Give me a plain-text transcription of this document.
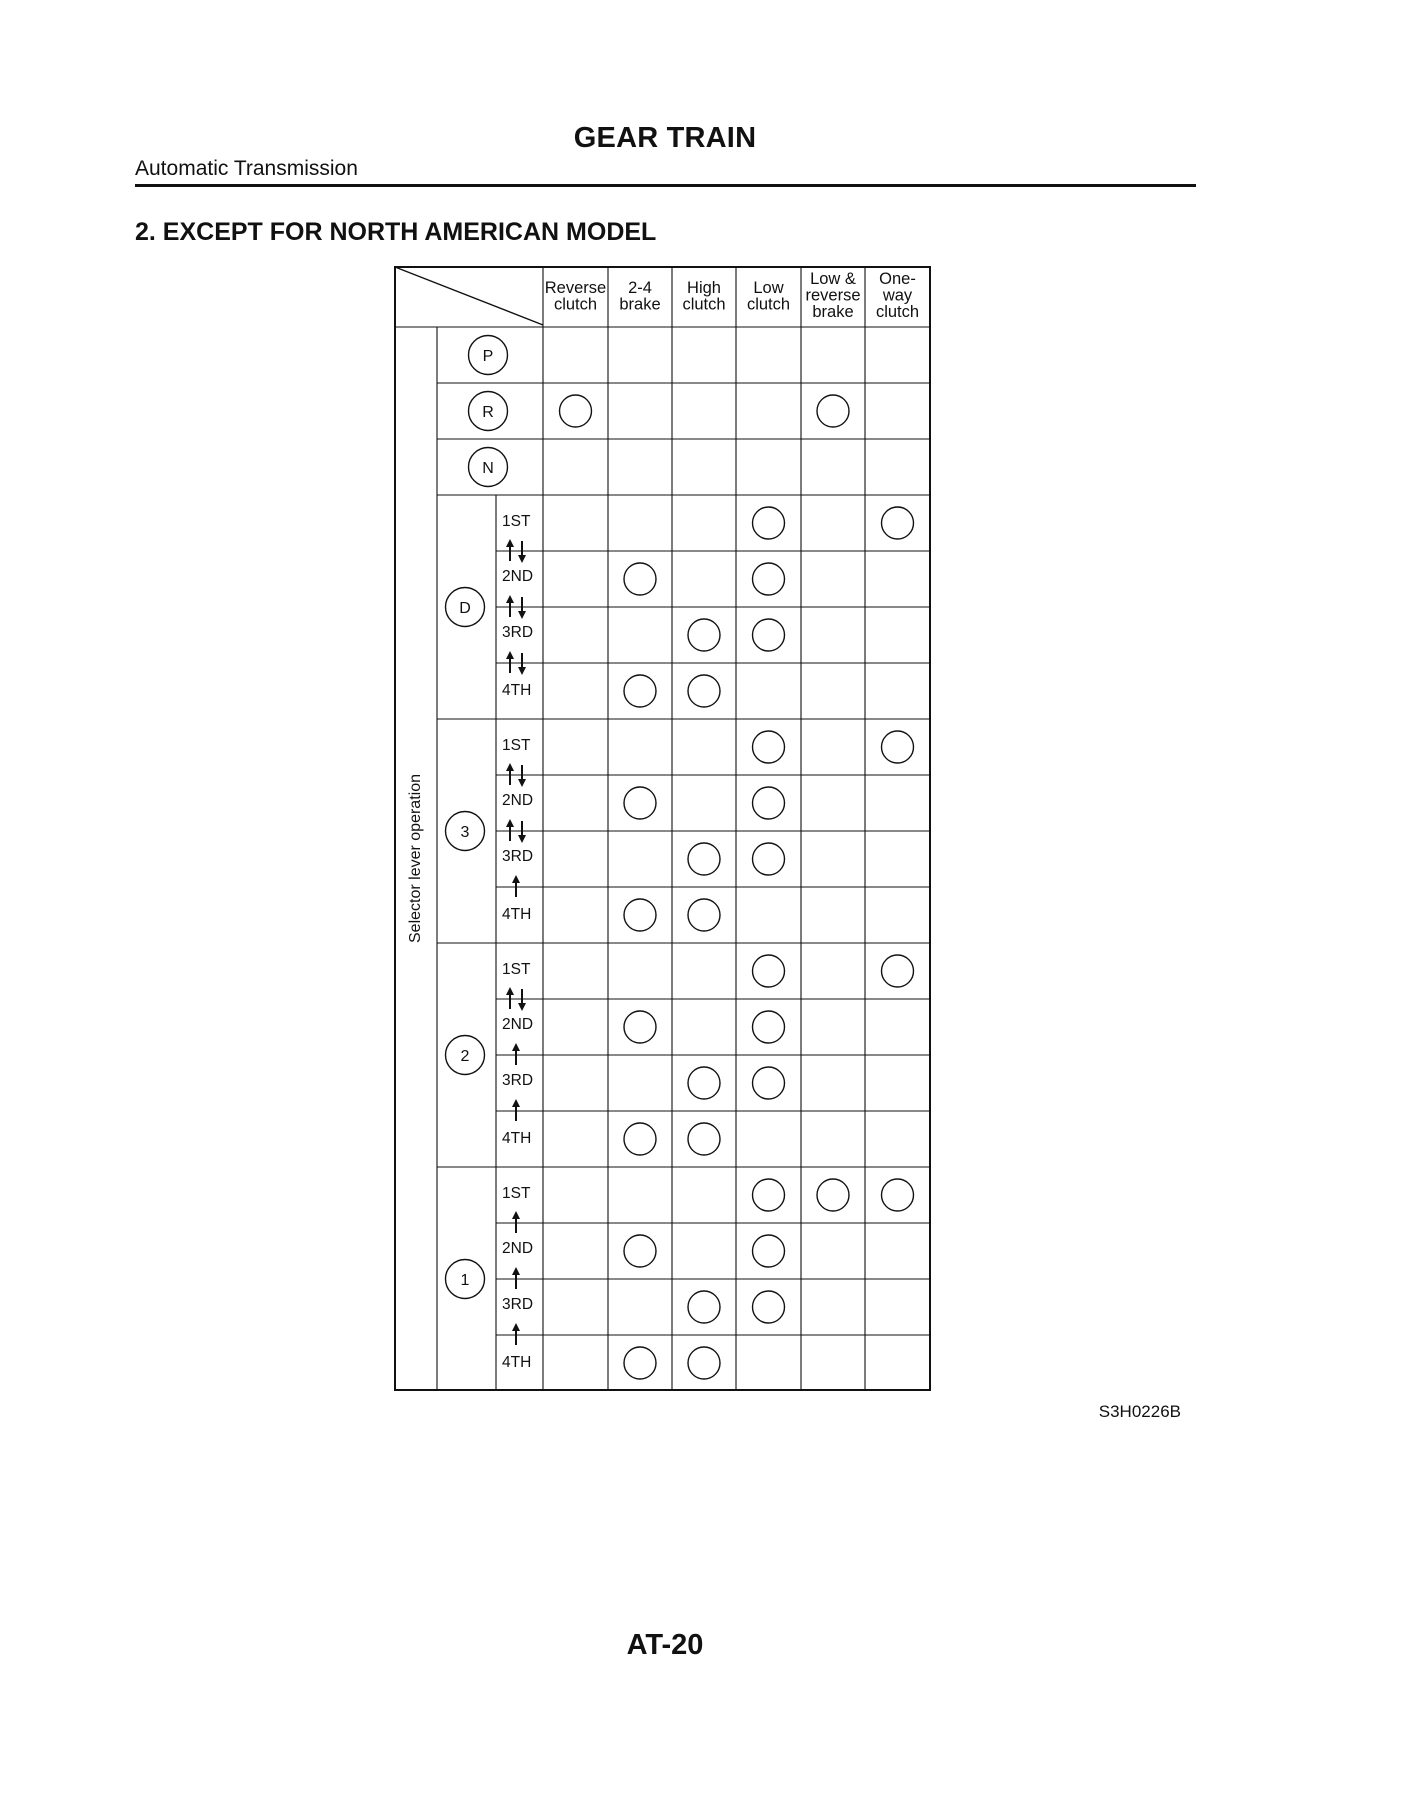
GEAR TRAIN
Automatic Transmission
2. EXCEPT FOR NORTH AMERICAN MODEL
Reverse
clutch
2-4
brake
High
clutch
Low
clutch
Low &
reverse
brake
One-
way
clutch
Selector lever operation
P
R
N
D
1ST
2ND
3RD
4TH
3
1ST
2ND
3RD
4TH
2
1ST
2ND
3RD
4TH
1
1ST
2ND
3RD
4TH
S3H0226B
AT-20
